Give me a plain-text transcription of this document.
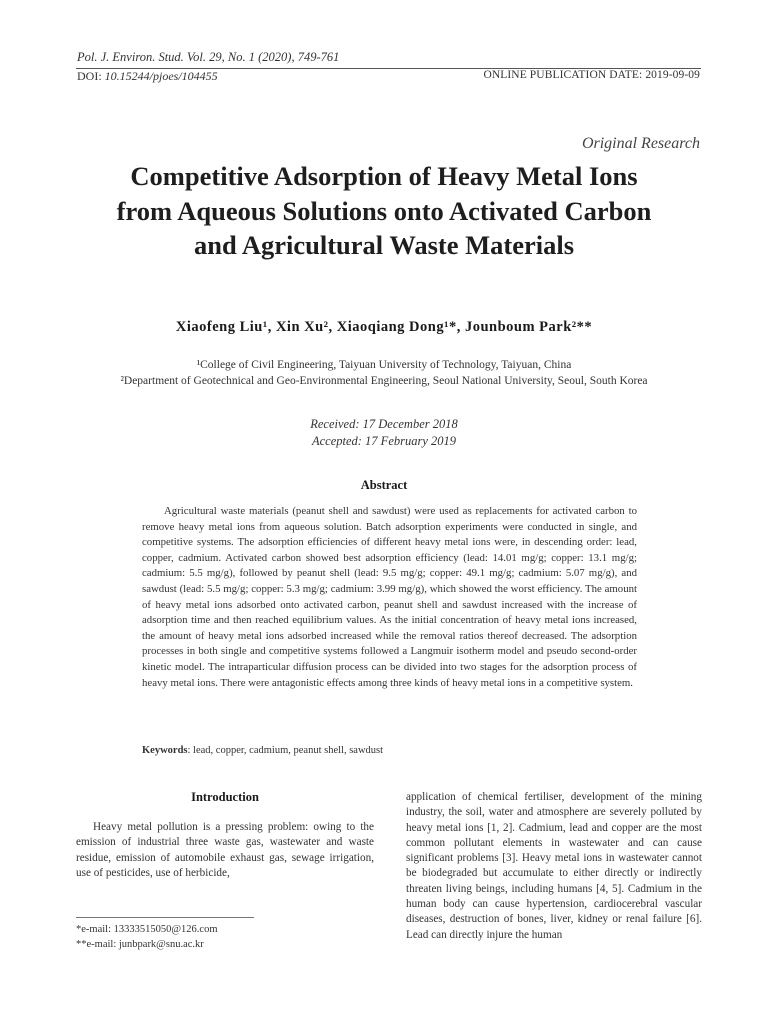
Pol. J. Environ. Stud. Vol. 29, No. 1 (2020), 749-761
DOI: 10.15244/pjoes/104455	ONLINE PUBLICATION DATE: 2019-09-09
Original Research
Competitive Adsorption of Heavy Metal Ions
from Aqueous Solutions onto Activated Carbon
and Agricultural Waste Materials
Xiaofeng Liu¹, Xin Xu², Xiaoqiang Dong¹*, Jounboum Park²**
¹College of Civil Engineering, Taiyuan University of Technology, Taiyuan, China
²Department of Geotechnical and Geo-Environmental Engineering, Seoul National University, Seoul, South Korea
Received: 17 December 2018
Accepted: 17 February 2019
Abstract
Agricultural waste materials (peanut shell and sawdust) were used as replacements for activated carbon to remove heavy metal ions from aqueous solution. Batch adsorption experiments were conducted in single, and competitive systems. The adsorption efficiencies of different heavy metal ions were, in descending order: lead, copper, cadmium. Activated carbon showed best adsorption efficiency (lead: 14.01 mg/g; copper: 13.1 mg/g; cadmium: 5.5 mg/g), followed by peanut shell (lead: 9.5 mg/g; copper: 49.1 mg/g; cadmium: 5.07 mg/g), and sawdust (lead: 5.5 mg/g; copper: 5.3 mg/g; cadmium: 3.99 mg/g), which showed the worst efficiency. The amount of heavy metal ions adsorbed onto activated carbon, peanut shell and sawdust increased with the increase of adsorption time and then reached equilibrium values. As the initial concentration of heavy metal ions increased, the amount of heavy metal ions adsorbed increased while the removal ratios thereof decreased. The adsorption processes in both single and competitive systems followed a Langmuir isotherm model and pseudo second-order kinetic model. The intraparticular diffusion process can be divided into two stages for the adsorption process of heavy metal ions. There were antagonistic effects among three kinds of heavy metal ions in a competitive system.
Keywords: lead, copper, cadmium, peanut shell, sawdust
Introduction
Heavy metal pollution is a pressing problem: owing to the emission of industrial three waste gas, wastewater and waste residue, emission of automobile exhaust gas, sewage irrigation, use of pesticides, use of herbicide,
*e-mail: 13333515050@126.com
**e-mail: junbpark@snu.ac.kr
application of chemical fertiliser, development of the mining industry, the soil, water and atmosphere are severely polluted by heavy metal ions [1, 2]. Cadmium, lead and copper are the most common pollutant elements in wastewater and can cause significant problems [3]. Heavy metal ions in wastewater cannot be biodegraded but accumulate to either directly or indirectly threaten living beings, including humans [4, 5]. Cadmium in the human body can cause hypertension, cardiocerebral vascular diseases, destruction of bones, liver, kidney or renal failure [6]. Lead can directly injure the human
